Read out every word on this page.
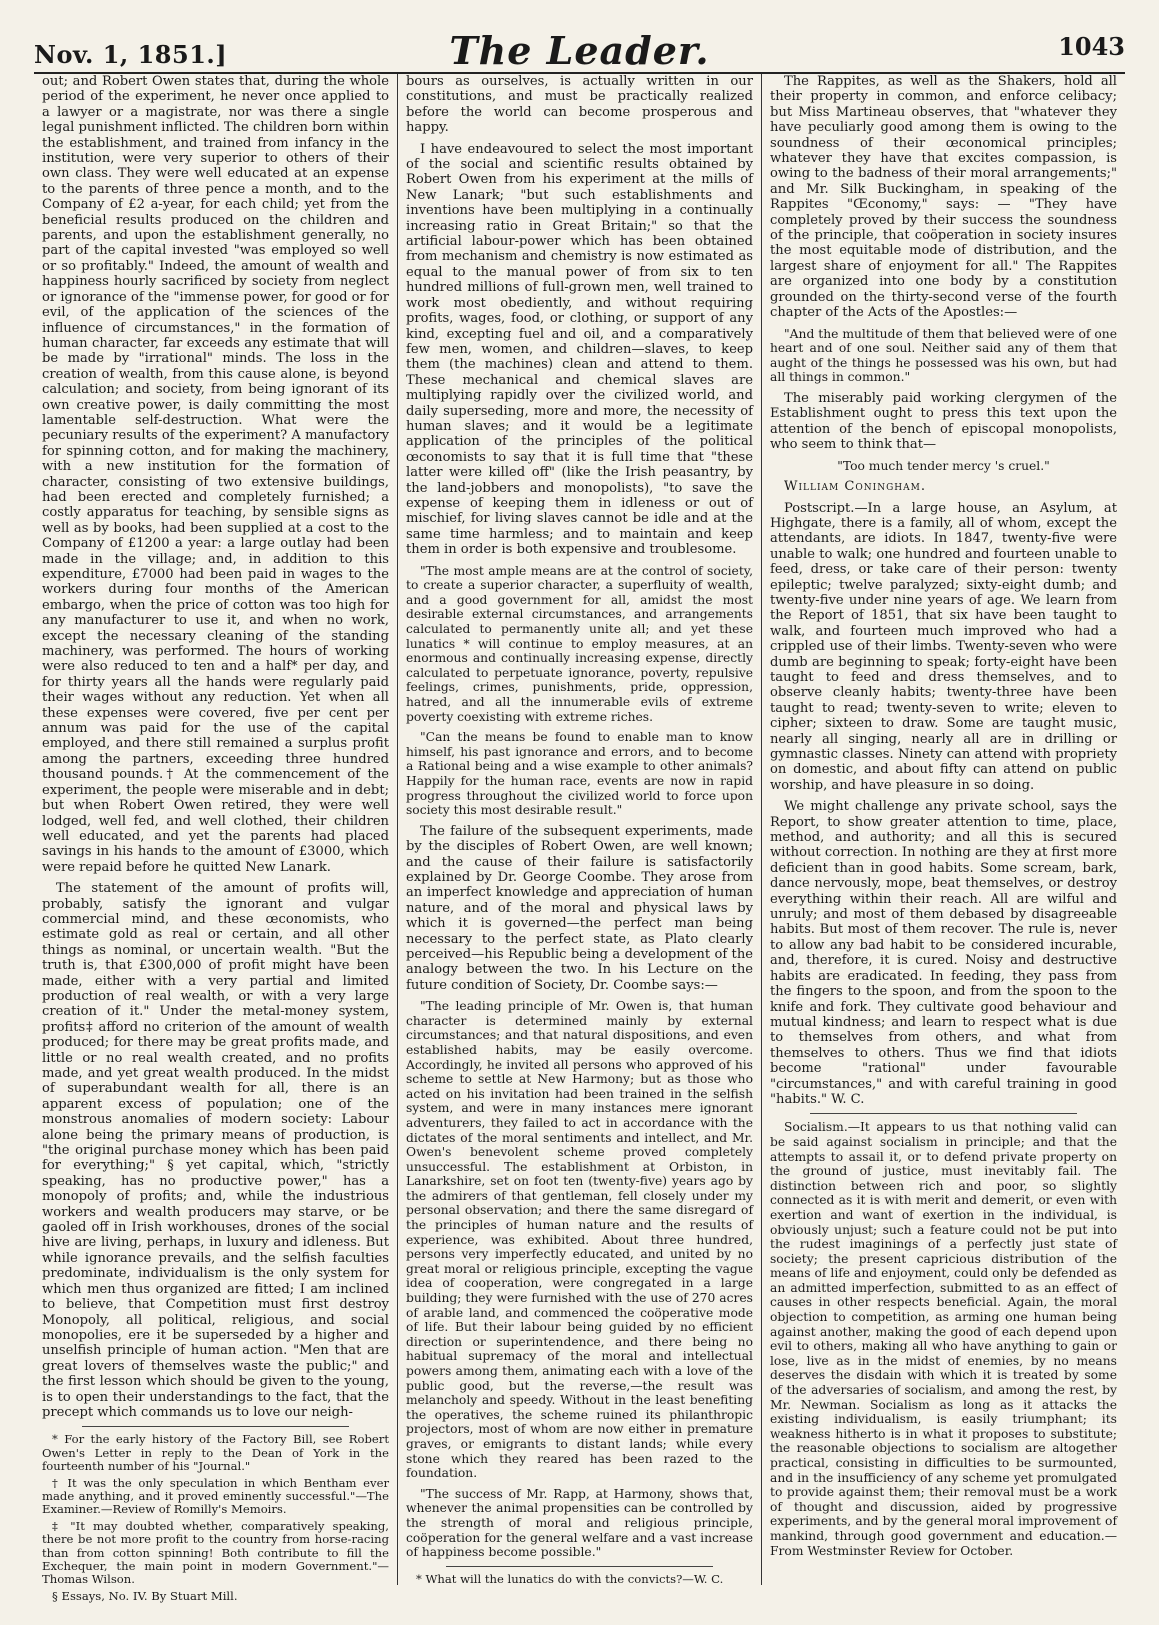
Nov. 1, 1851.]	The Leader.	1043

out; and Robert Owen states that, during the whole period of the experiment, he never once applied to a lawyer or a magistrate, nor was there a single legal punishment inflicted. The children born within the establishment, and trained from infancy in the institution, were very superior to others of their own class. They were well educated at an expense to the parents of three pence a month, and to the Company of £2 a-year, for each child; yet from the beneficial results produced on the children and parents, and upon the establishment generally, no part of the capital invested "was employed so well or so profitably." Indeed, the amount of wealth and happiness hourly sacrificed by society from neglect or ignorance of the "immense power, for good or for evil, of the application of the sciences of the influence of circumstances," in the formation of human character, far exceeds any estimate that will be made by "irrational" minds. The loss in the creation of wealth, from this cause alone, is beyond calculation; and society, from being ignorant of its own creative power, is daily committing the most lamentable self-destruction. What were the pecuniary results of the experiment? A manufactory for spinning cotton, and for making the machinery, with a new institution for the formation of character, consisting of two extensive buildings, had been erected and completely furnished; a costly apparatus for teaching, by sensible signs as well as by books, had been supplied at a cost to the Company of £1200 a year: a large outlay had been made in the village; and, in addition to this expenditure, £7000 had been paid in wages to the workers during four months of the American embargo, when the price of cotton was too high for any manufacturer to use it, and when no work, except the necessary cleaning of the standing machinery, was performed. The hours of working were also reduced to ten and a half* per day, and for thirty years all the hands were regularly paid their wages without any reduction. Yet when all these expenses were covered, five per cent per annum was paid for the use of the capital employed, and there still remained a surplus profit among the partners, exceeding three hundred thousand pounds.† At the commencement of the experiment, the people were miserable and in debt; but when Robert Owen retired, they were well lodged, well fed, and well clothed, their children well educated, and yet the parents had placed savings in his hands to the amount of £3000, which were repaid before he quitted New Lanark.

The statement of the amount of profits will, probably, satisfy the ignorant and vulgar commercial mind, and these œconomists, who estimate gold as real or certain, and all other things as nominal, or uncertain wealth. "But the truth is, that £300,000 of profit might have been made, either with a very partial and limited production of real wealth, or with a very large creation of it." Under the metal-money system, profits‡ afford no criterion of the amount of wealth produced; for there may be great profits made, and little or no real wealth created, and no profits made, and yet great wealth produced. In the midst of superabundant wealth for all, there is an apparent excess of population; one of the monstrous anomalies of modern society: Labour alone being the primary means of production, is "the original purchase money which has been paid for everything;" § yet capital, which, "strictly speaking, has no productive power," has a monopoly of profits; and, while the industrious workers and wealth producers may starve, or be gaoled off in Irish workhouses, drones of the social hive are living, perhaps, in luxury and idleness. But while ignorance prevails, and the selfish faculties predominate, individualism is the only system for which men thus organized are fitted; I am inclined to believe, that Competition must first destroy Monopoly, all political, religious, and social monopolies, ere it be superseded by a higher and unselfish principle of human action. "Men that are great lovers of themselves waste the public;" and the first lesson which should be given to the young, is to open their understandings to the fact, that the precept which commands us to love our neigh-

* For the early history of the Factory Bill, see Robert Owen's Letter in reply to the Dean of York in the fourteenth number of his "Journal."

† It was the only speculation in which Bentham ever made anything, and it proved eminently successful."—The Examiner.—Review of Romilly's Memoirs.

‡ "It may doubted whether, comparatively speaking, there be not more profit to the country from horse-racing than from cotton spinning! Both contribute to fill the Exchequer, the main point in modern Government."—Thomas Wilson.

§ Essays, No. IV. By Stuart Mill.

bours as ourselves, is actually written in our constitutions, and must be practically realized before the world can become prosperous and happy.

I have endeavoured to select the most important of the social and scientific results obtained by Robert Owen from his experiment at the mills of New Lanark; "but such establishments and inventions have been multiplying in a continually increasing ratio in Great Britain;" so that the artificial labour-power which has been obtained from mechanism and chemistry is now estimated as equal to the manual power of from six to ten hundred millions of full-grown men, well trained to work most obediently, and without requiring profits, wages, food, or clothing, or support of any kind, excepting fuel and oil, and a comparatively few men, women, and children—slaves, to keep them (the machines) clean and attend to them. These mechanical and chemical slaves are multiplying rapidly over the civilized world, and daily superseding, more and more, the necessity of human slaves; and it would be a legitimate application of the principles of the political œconomists to say that it is full time that "these latter were killed off" (like the Irish peasantry, by the land-jobbers and monopolists), "to save the expense of keeping them in idleness or out of mischief, for living slaves cannot be idle and at the same time harmless; and to maintain and keep them in order is both expensive and troublesome.

"The most ample means are at the control of society, to create a superior character, a superfluity of wealth, and a good government for all, amidst the most desirable external circumstances, and arrangements calculated to permanently unite all; and yet these lunatics * will continue to employ measures, at an enormous and continually increasing expense, directly calculated to perpetuate ignorance, poverty, repulsive feelings, crimes, punishments, pride, oppression, hatred, and all the innumerable evils of extreme poverty coexisting with extreme riches.

"Can the means be found to enable man to know himself, his past ignorance and errors, and to become a Rational being and a wise example to other animals? Happily for the human race, events are now in rapid progress throughout the civilized world to force upon society this most desirable result."

The failure of the subsequent experiments, made by the disciples of Robert Owen, are well known; and the cause of their failure is satisfactorily explained by Dr. George Coombe. They arose from an imperfect knowledge and appreciation of human nature, and of the moral and physical laws by which it is governed—the perfect man being necessary to the perfect state, as Plato clearly perceived—his Republic being a development of the analogy between the two. In his Lecture on the future condition of Society, Dr. Coombe says:—

"The leading principle of Mr. Owen is, that human character is determined mainly by external circumstances; and that natural dispositions, and even established habits, may be easily overcome. Accordingly, he invited all persons who approved of his scheme to settle at New Harmony; but as those who acted on his invitation had been trained in the selfish system, and were in many instances mere ignorant adventurers, they failed to act in accordance with the dictates of the moral sentiments and intellect, and Mr. Owen's benevolent scheme proved completely unsuccessful. The establishment at Orbiston, in Lanarkshire, set on foot ten (twenty-five) years ago by the admirers of that gentleman, fell closely under my personal observation; and there the same disregard of the principles of human nature and the results of experience, was exhibited. About three hundred, persons very imperfectly educated, and united by no great moral or religious principle, excepting the vague idea of cooperation, were congregated in a large building; they were furnished with the use of 270 acres of arable land, and commenced the coöperative mode of life. But their labour being guided by no efficient direction or superintendence, and there being no habitual supremacy of the moral and intellectual powers among them, animating each with a love of the public good, but the reverse,—the result was melancholy and speedy. Without in the least benefiting the operatives, the scheme ruined its philanthropic projectors, most of whom are now either in premature graves, or emigrants to distant lands; while every stone which they reared has been razed to the foundation.

"The success of Mr. Rapp, at Harmony, shows that, whenever the animal propensities can be controlled by the strength of moral and religious principle, coöperation for the general welfare and a vast increase of happiness become possible."

* What will the lunatics do with the convicts?—W. C.

The Rappites, as well as the Shakers, hold all their property in common, and enforce celibacy; but Miss Martineau observes, that "whatever they have peculiarly good among them is owing to the soundness of their œconomical principles; whatever they have that excites compassion, is owing to the badness of their moral arrangements;" and Mr. Silk Buckingham, in speaking of the Rappites "Œconomy," says: — "They have completely proved by their success the soundness of the principle, that coöperation in society insures the most equitable mode of distribution, and the largest share of enjoyment for all." The Rappites are organized into one body by a constitution grounded on the thirty-second verse of the fourth chapter of the Acts of the Apostles:—

"And the multitude of them that believed were of one heart and of one soul. Neither said any of them that aught of the things he possessed was his own, but had all things in common."

The miserably paid working clergymen of the Establishment ought to press this text upon the attention of the bench of episcopal monopolists, who seem to think that—

"Too much tender mercy 's cruel."

William Coningham.

Postscript.—In a large house, an Asylum, at Highgate, there is a family, all of whom, except the attendants, are idiots. In 1847, twenty-five were unable to walk; one hundred and fourteen unable to feed, dress, or take care of their person: twenty epileptic; twelve paralyzed; sixty-eight dumb; and twenty-five under nine years of age. We learn from the Report of 1851, that six have been taught to walk, and fourteen much improved who had a crippled use of their limbs. Twenty-seven who were dumb are beginning to speak; forty-eight have been taught to feed and dress themselves, and to observe cleanly habits; twenty-three have been taught to read; twenty-seven to write; eleven to cipher; sixteen to draw. Some are taught music, nearly all singing, nearly all are in drilling or gymnastic classes. Ninety can attend with propriety on domestic, and about fifty can attend on public worship, and have pleasure in so doing.

We might challenge any private school, says the Report, to show greater attention to time, place, method, and authority; and all this is secured without correction. In nothing are they at first more deficient than in good habits. Some scream, bark, dance nervously, mope, beat themselves, or destroy everything within their reach. All are wilful and unruly; and most of them debased by disagreeable habits. But most of them recover. The rule is, never to allow any bad habit to be considered incurable, and, therefore, it is cured. Noisy and destructive habits are eradicated. In feeding, they pass from the fingers to the spoon, and from the spoon to the knife and fork. They cultivate good behaviour and mutual kindness; and learn to respect what is due to themselves from others, and what from themselves to others. Thus we find that idiots become "rational" under favourable "circumstances," and with careful training in good "habits." W. C.

Socialism.—It appears to us that nothing valid can be said against socialism in principle; and that the attempts to assail it, or to defend private property on the ground of justice, must inevitably fail. The distinction between rich and poor, so slightly connected as it is with merit and demerit, or even with exertion and want of exertion in the individual, is obviously unjust; such a feature could not be put into the rudest imaginings of a perfectly just state of society; the present capricious distribution of the means of life and enjoyment, could only be defended as an admitted imperfection, submitted to as an effect of causes in other respects beneficial. Again, the moral objection to competition, as arming one human being against another, making the good of each depend upon evil to others, making all who have anything to gain or lose, live as in the midst of enemies, by no means deserves the disdain with which it is treated by some of the adversaries of socialism, and among the rest, by Mr. Newman. Socialism as long as it attacks the existing individualism, is easily triumphant; its weakness hitherto is in what it proposes to substitute; the reasonable objections to socialism are altogether practical, consisting in difficulties to be surmounted, and in the insufficiency of any scheme yet promulgated to provide against them; their removal must be a work of thought and discussion, aided by progressive experiments, and by the general moral improvement of mankind, through good government and education.—From Westminster Review for October.
